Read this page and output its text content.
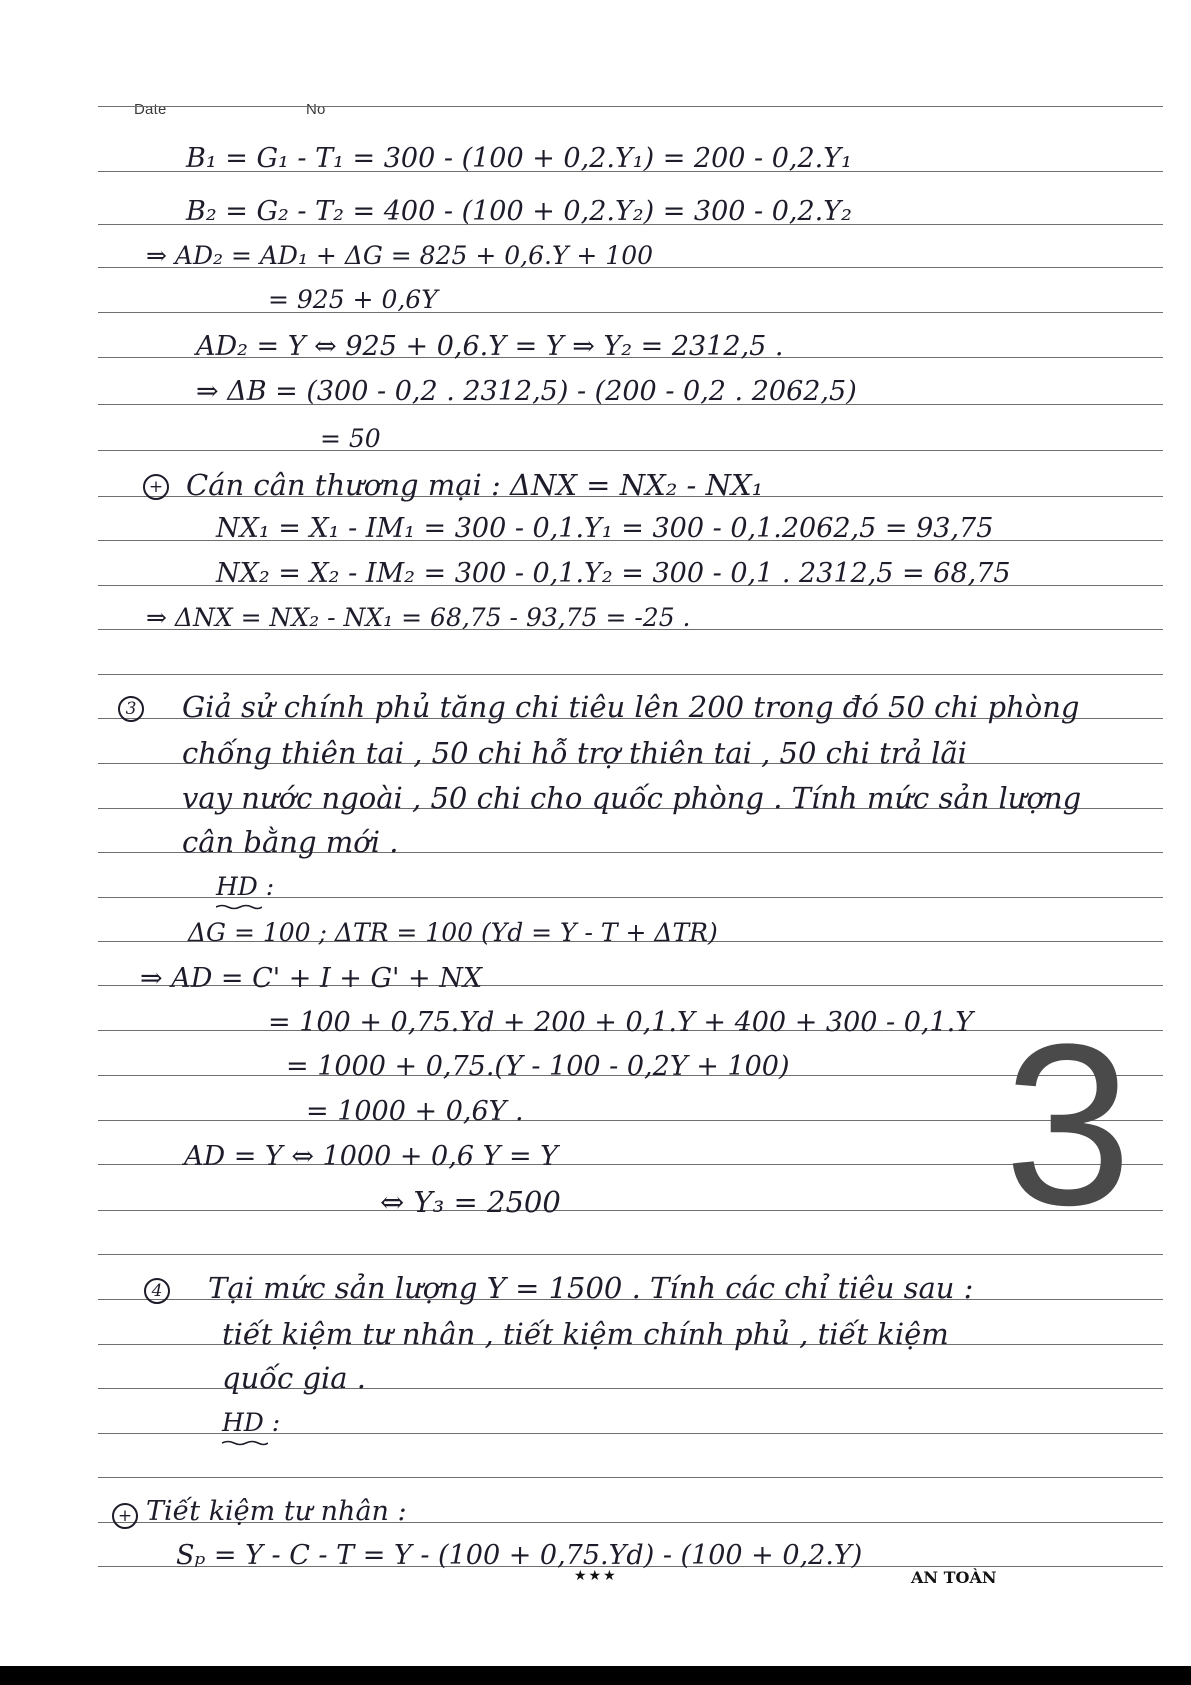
Date	No
B₁ = G₁ - T₁ = 300 - (100 + 0,2.Y₁) = 200 - 0,2.Y₁
B₂ = G₂ - T₂ = 400 - (100 + 0,2.Y₂) = 300 - 0,2.Y₂
⇒ AD₂ = AD₁ + ΔG = 825 + 0,6.Y + 100
= 925 + 0,6Y
AD₂ = Y ⇔ 925 + 0,6.Y = Y ⇒ Y₂ = 2312,5 .
⇒ ΔB = (300 - 0,2 . 2312,5) - (200 - 0,2 . 2062,5)
= 50
+ Cán cân thương mại : ΔNX = NX₂ - NX₁
NX₁ = X₁ - IM₁ = 300 - 0,1.Y₁ = 300 - 0,1.2062,5 = 93,75
NX₂ = X₂ - IM₂ = 300 - 0,1.Y₂ = 300 - 0,1 . 2312,5 = 68,75
⇒ ΔNX = NX₂ - NX₁ = 68,75 - 93,75 = -25 .
3 Giả sử chính phủ tăng chi tiêu lên 200 trong đó 50 chi phòng
chống thiên tai , 50 chi hỗ trợ thiên tai , 50 chi trả lãi
vay nước ngoài , 50 chi cho quốc phòng . Tính mức sản lượng
cân bằng mới .
HD :
ΔG = 100 ; ΔTR = 100 (Yd = Y - T + ΔTR)
⇒ AD = C' + I + G' + NX
= 100 + 0,75.Yd + 200 + 0,1.Y + 400 + 300 - 0,1.Y
= 1000 + 0,75.(Y - 100 - 0,2Y + 100)
= 1000 + 0,6Y .
AD = Y ⇔ 1000 + 0,6 Y = Y
⇔ Y₃ = 2500
4 Tại mức sản lượng Y = 1500 . Tính các chỉ tiêu sau :
tiết kiệm tư nhân , tiết kiệm chính phủ , tiết kiệm
quốc gia .
HD :
+ Tiết kiệm tư nhân :
Sₚ = Y - C - T = Y - (100 + 0,75.Yd) - (100 + 0,2.Y)
3
★★★	AN TOÀN
